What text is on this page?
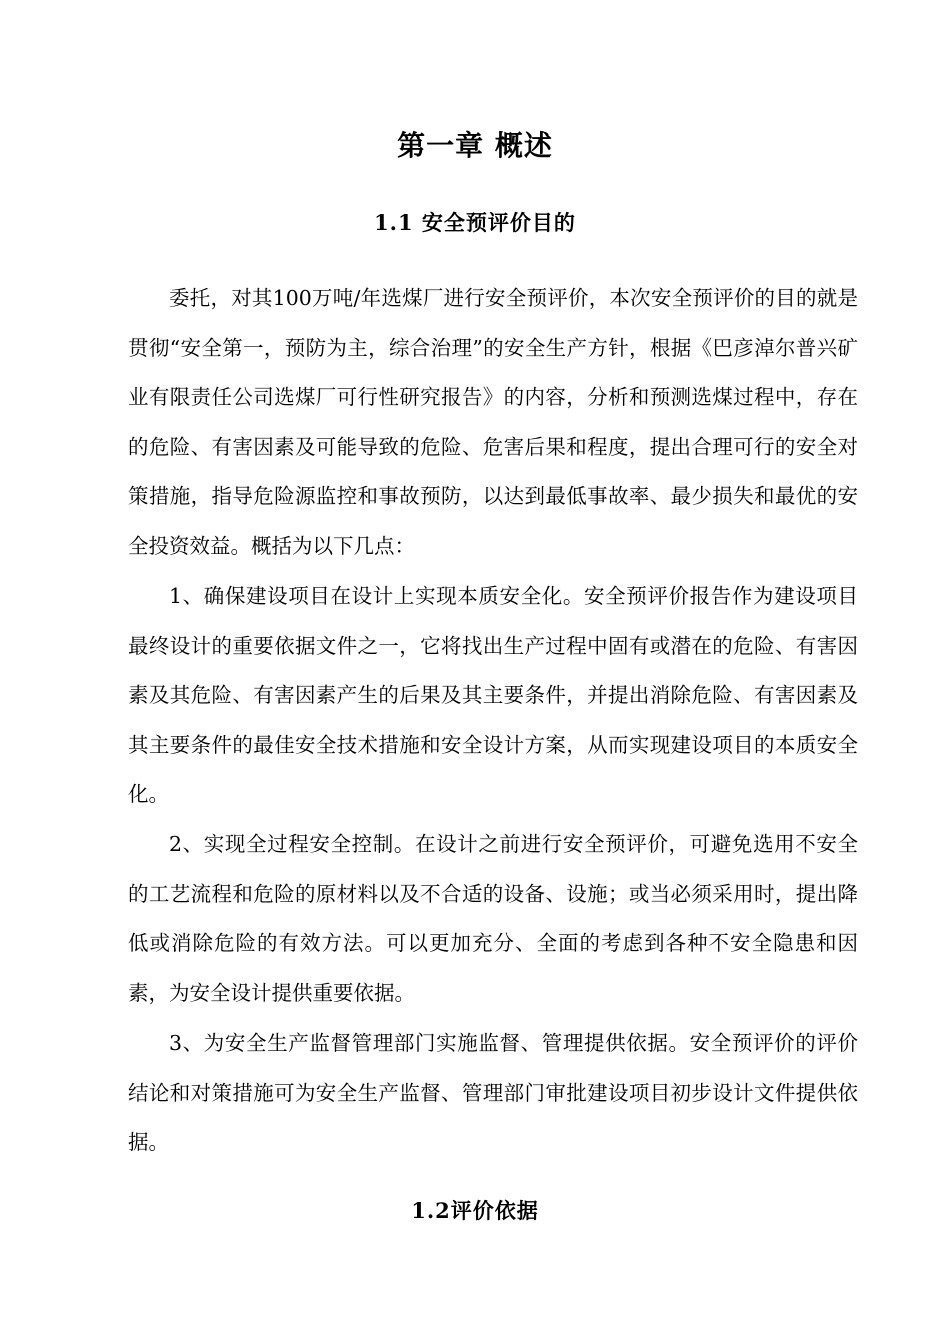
第一章 概述
1.1 安全预评价目的

委托，对其100万吨/年选煤厂进行安全预评价，本次安全预评价的目的就是贯彻“安全第一，预防为主，综合治理”的安全生产方针，根据《巴彦淖尔普兴矿业有限责任公司选煤厂可行性研究报告》的内容，分析和预测选煤过程中，存在的危险、有害因素及可能导致的危险、危害后果和程度，提出合理可行的安全对策措施，指导危险源监控和事故预防，以达到最低事故率、最少损失和最优的安全投资效益。概括为以下几点：

1、确保建设项目在设计上实现本质安全化。安全预评价报告作为建设项目最终设计的重要依据文件之一，它将找出生产过程中固有或潜在的危险、有害因素及其危险、有害因素产生的后果及其主要条件，并提出消除危险、有害因素及其主要条件的最佳安全技术措施和安全设计方案，从而实现建设项目的本质安全化。

2、实现全过程安全控制。在设计之前进行安全预评价，可避免选用不安全的工艺流程和危险的原材料以及不合适的设备、设施；或当必须采用时，提出降低或消除危险的有效方法。可以更加充分、全面的考虑到各种不安全隐患和因素，为安全设计提供重要依据。

3、为安全生产监督管理部门实施监督、管理提供依据。安全预评价的评价结论和对策措施可为安全生产监督、管理部门审批建设项目初步设计文件提供依据。

1.2评价依据
